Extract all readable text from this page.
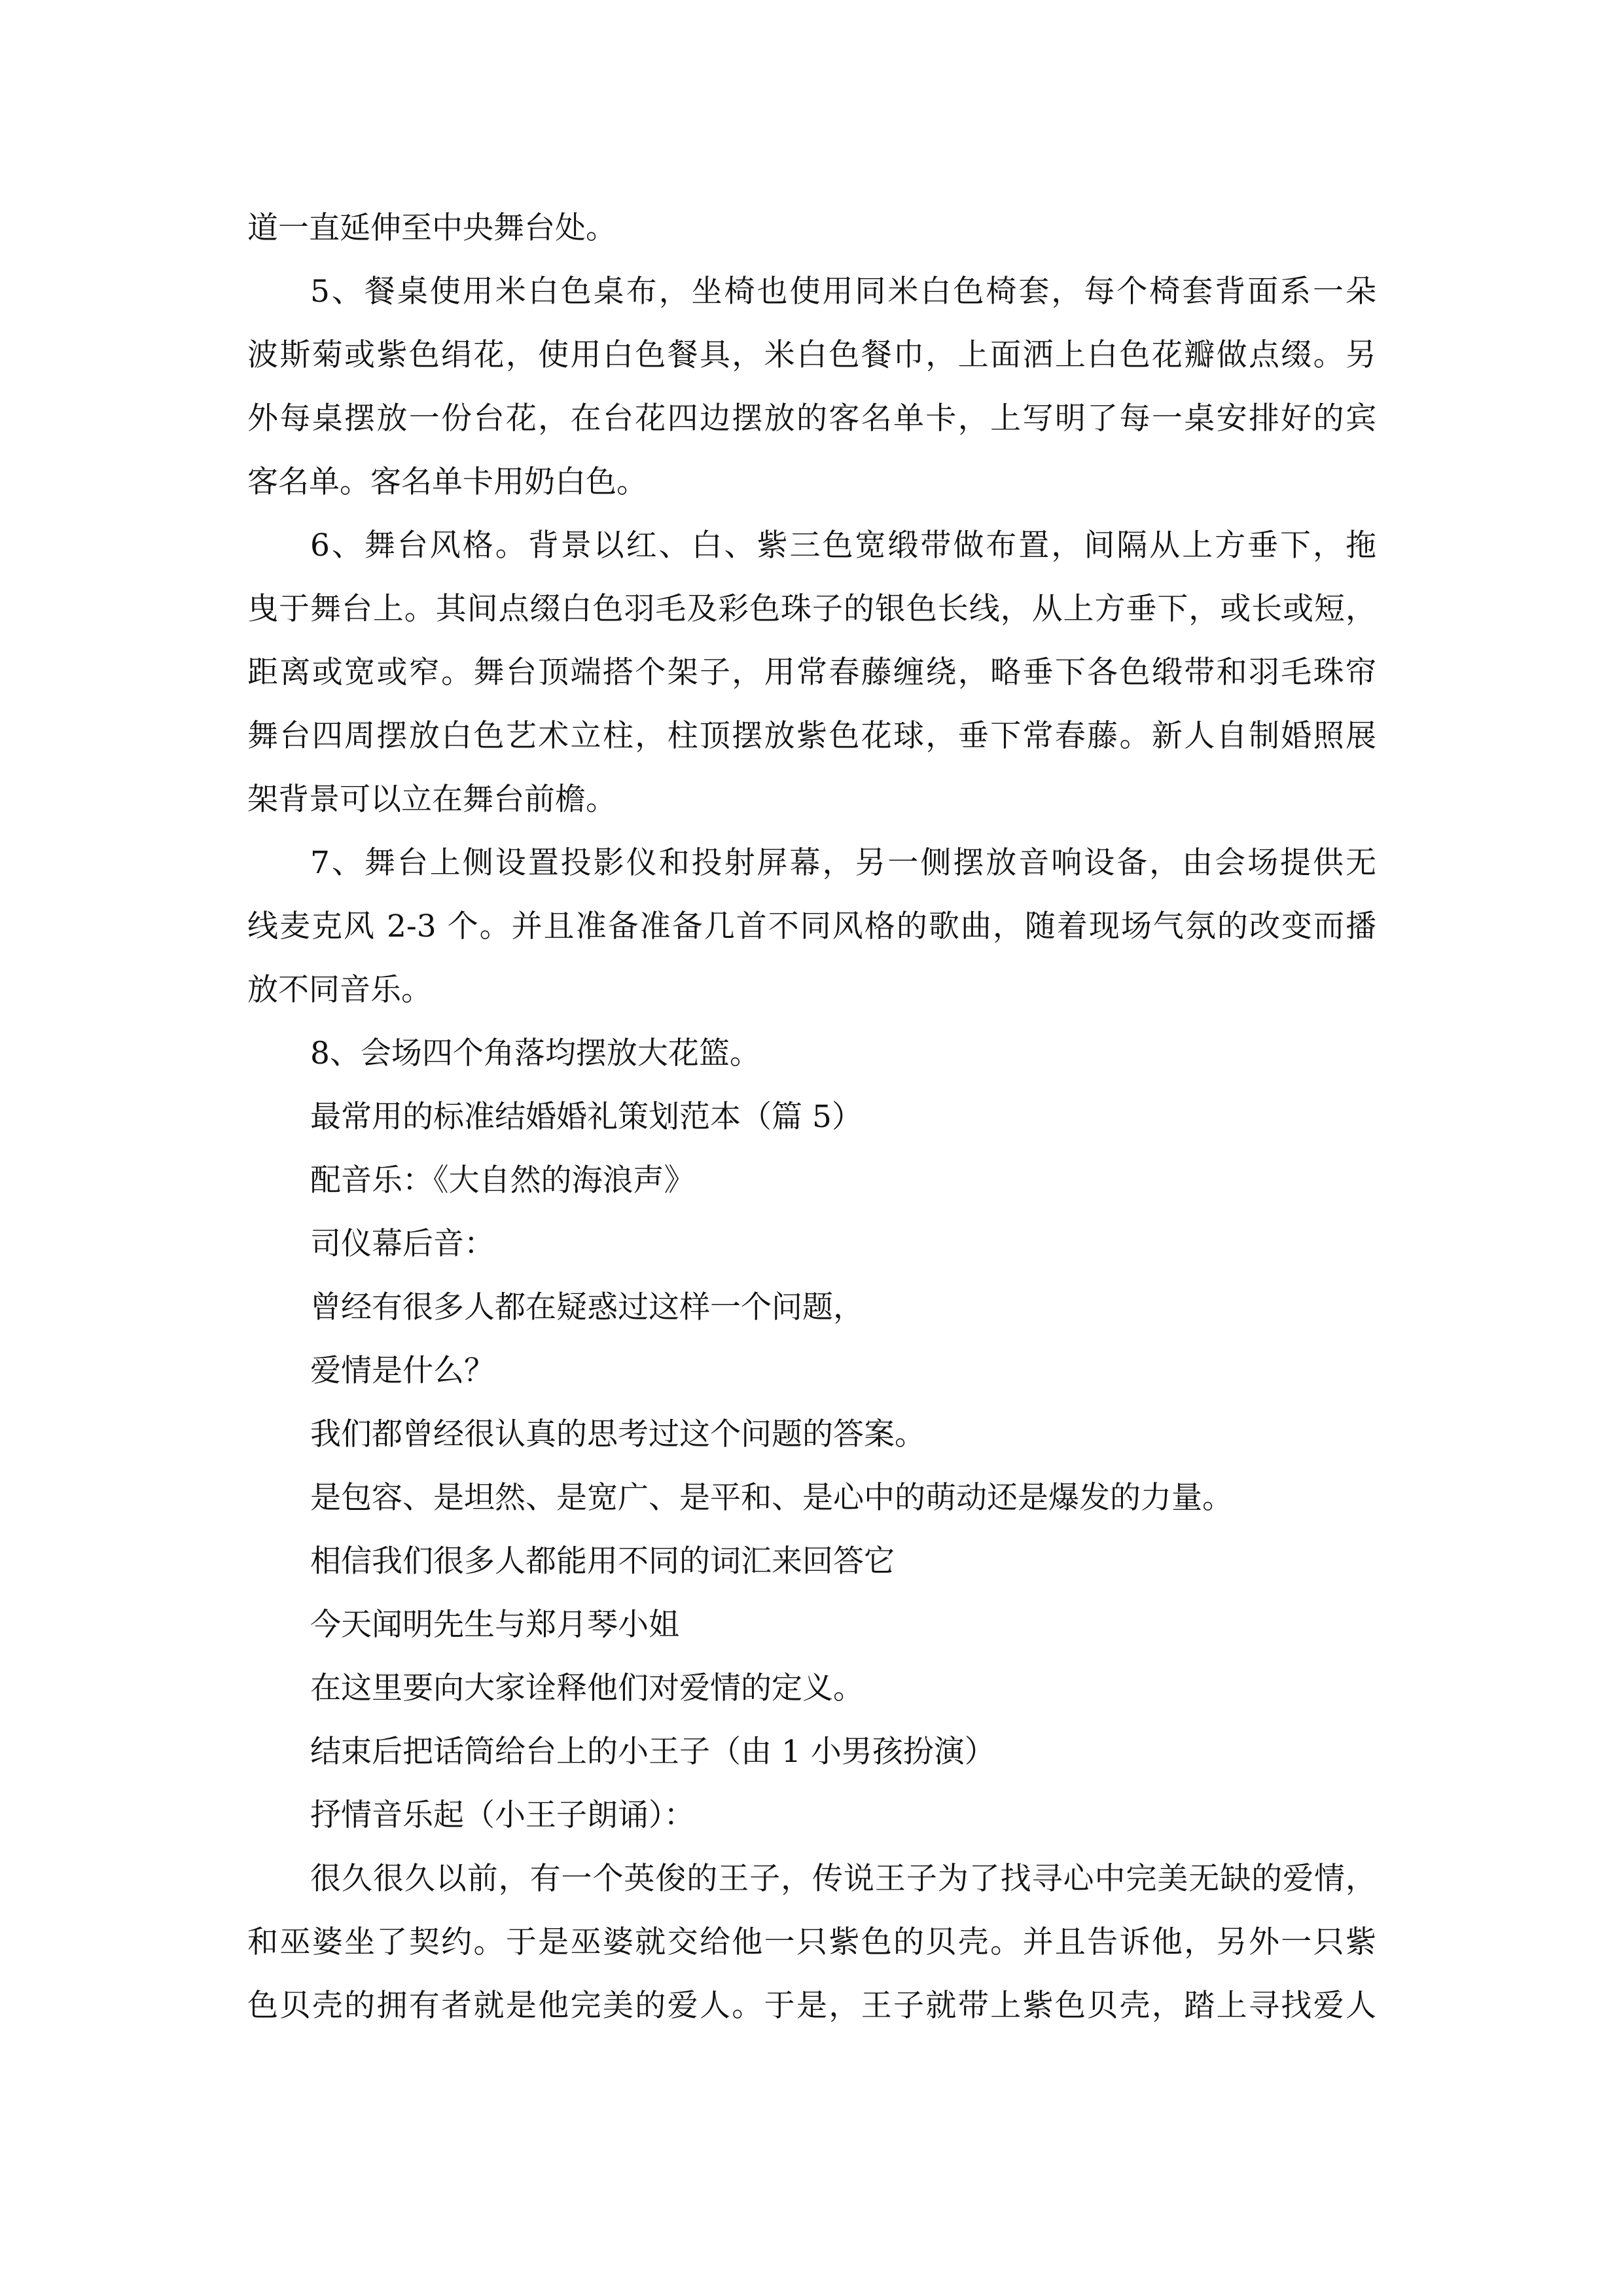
道一直延伸至中央舞台处。
5、餐桌使用米白色桌布，坐椅也使用同米白色椅套，每个椅套背面系一朵
波斯菊或紫色绢花，使用白色餐具，米白色餐巾，上面洒上白色花瓣做点缀。另
外每桌摆放一份台花，在台花四边摆放的客名单卡，上写明了每一桌安排好的宾
客名单。客名单卡用奶白色。
6、舞台风格。背景以红、白、紫三色宽缎带做布置，间隔从上方垂下，拖
曳于舞台上。其间点缀白色羽毛及彩色珠子的银色长线，从上方垂下，或长或短，
距离或宽或窄。舞台顶端搭个架子，用常春藤缠绕，略垂下各色缎带和羽毛珠帘
舞台四周摆放白色艺术立柱，柱顶摆放紫色花球，垂下常春藤。新人自制婚照展
架背景可以立在舞台前檐。
7、舞台上侧设置投影仪和投射屏幕，另一侧摆放音响设备，由会场提供无
线麦克风 2-3 个。并且准备准备几首不同风格的歌曲，随着现场气氛的改变而播
放不同音乐。
8、会场四个角落均摆放大花篮。
最常用的标准结婚婚礼策划范本（篇 5）
配音乐：《大自然的海浪声》
司仪幕后音：
曾经有很多人都在疑惑过这样一个问题，
爱情是什么？
我们都曾经很认真的思考过这个问题的答案。
是包容、是坦然、是宽广、是平和、是心中的萌动还是爆发的力量。
相信我们很多人都能用不同的词汇来回答它
今天闻明先生与郑月琴小姐
在这里要向大家诠释他们对爱情的定义。
结束后把话筒给台上的小王子（由 1 小男孩扮演）
抒情音乐起（小王子朗诵）：
很久很久以前，有一个英俊的王子，传说王子为了找寻心中完美无缺的爱情，
和巫婆坐了契约。于是巫婆就交给他一只紫色的贝壳。并且告诉他，另外一只紫
色贝壳的拥有者就是他完美的爱人。于是，王子就带上紫色贝壳，踏上寻找爱人
